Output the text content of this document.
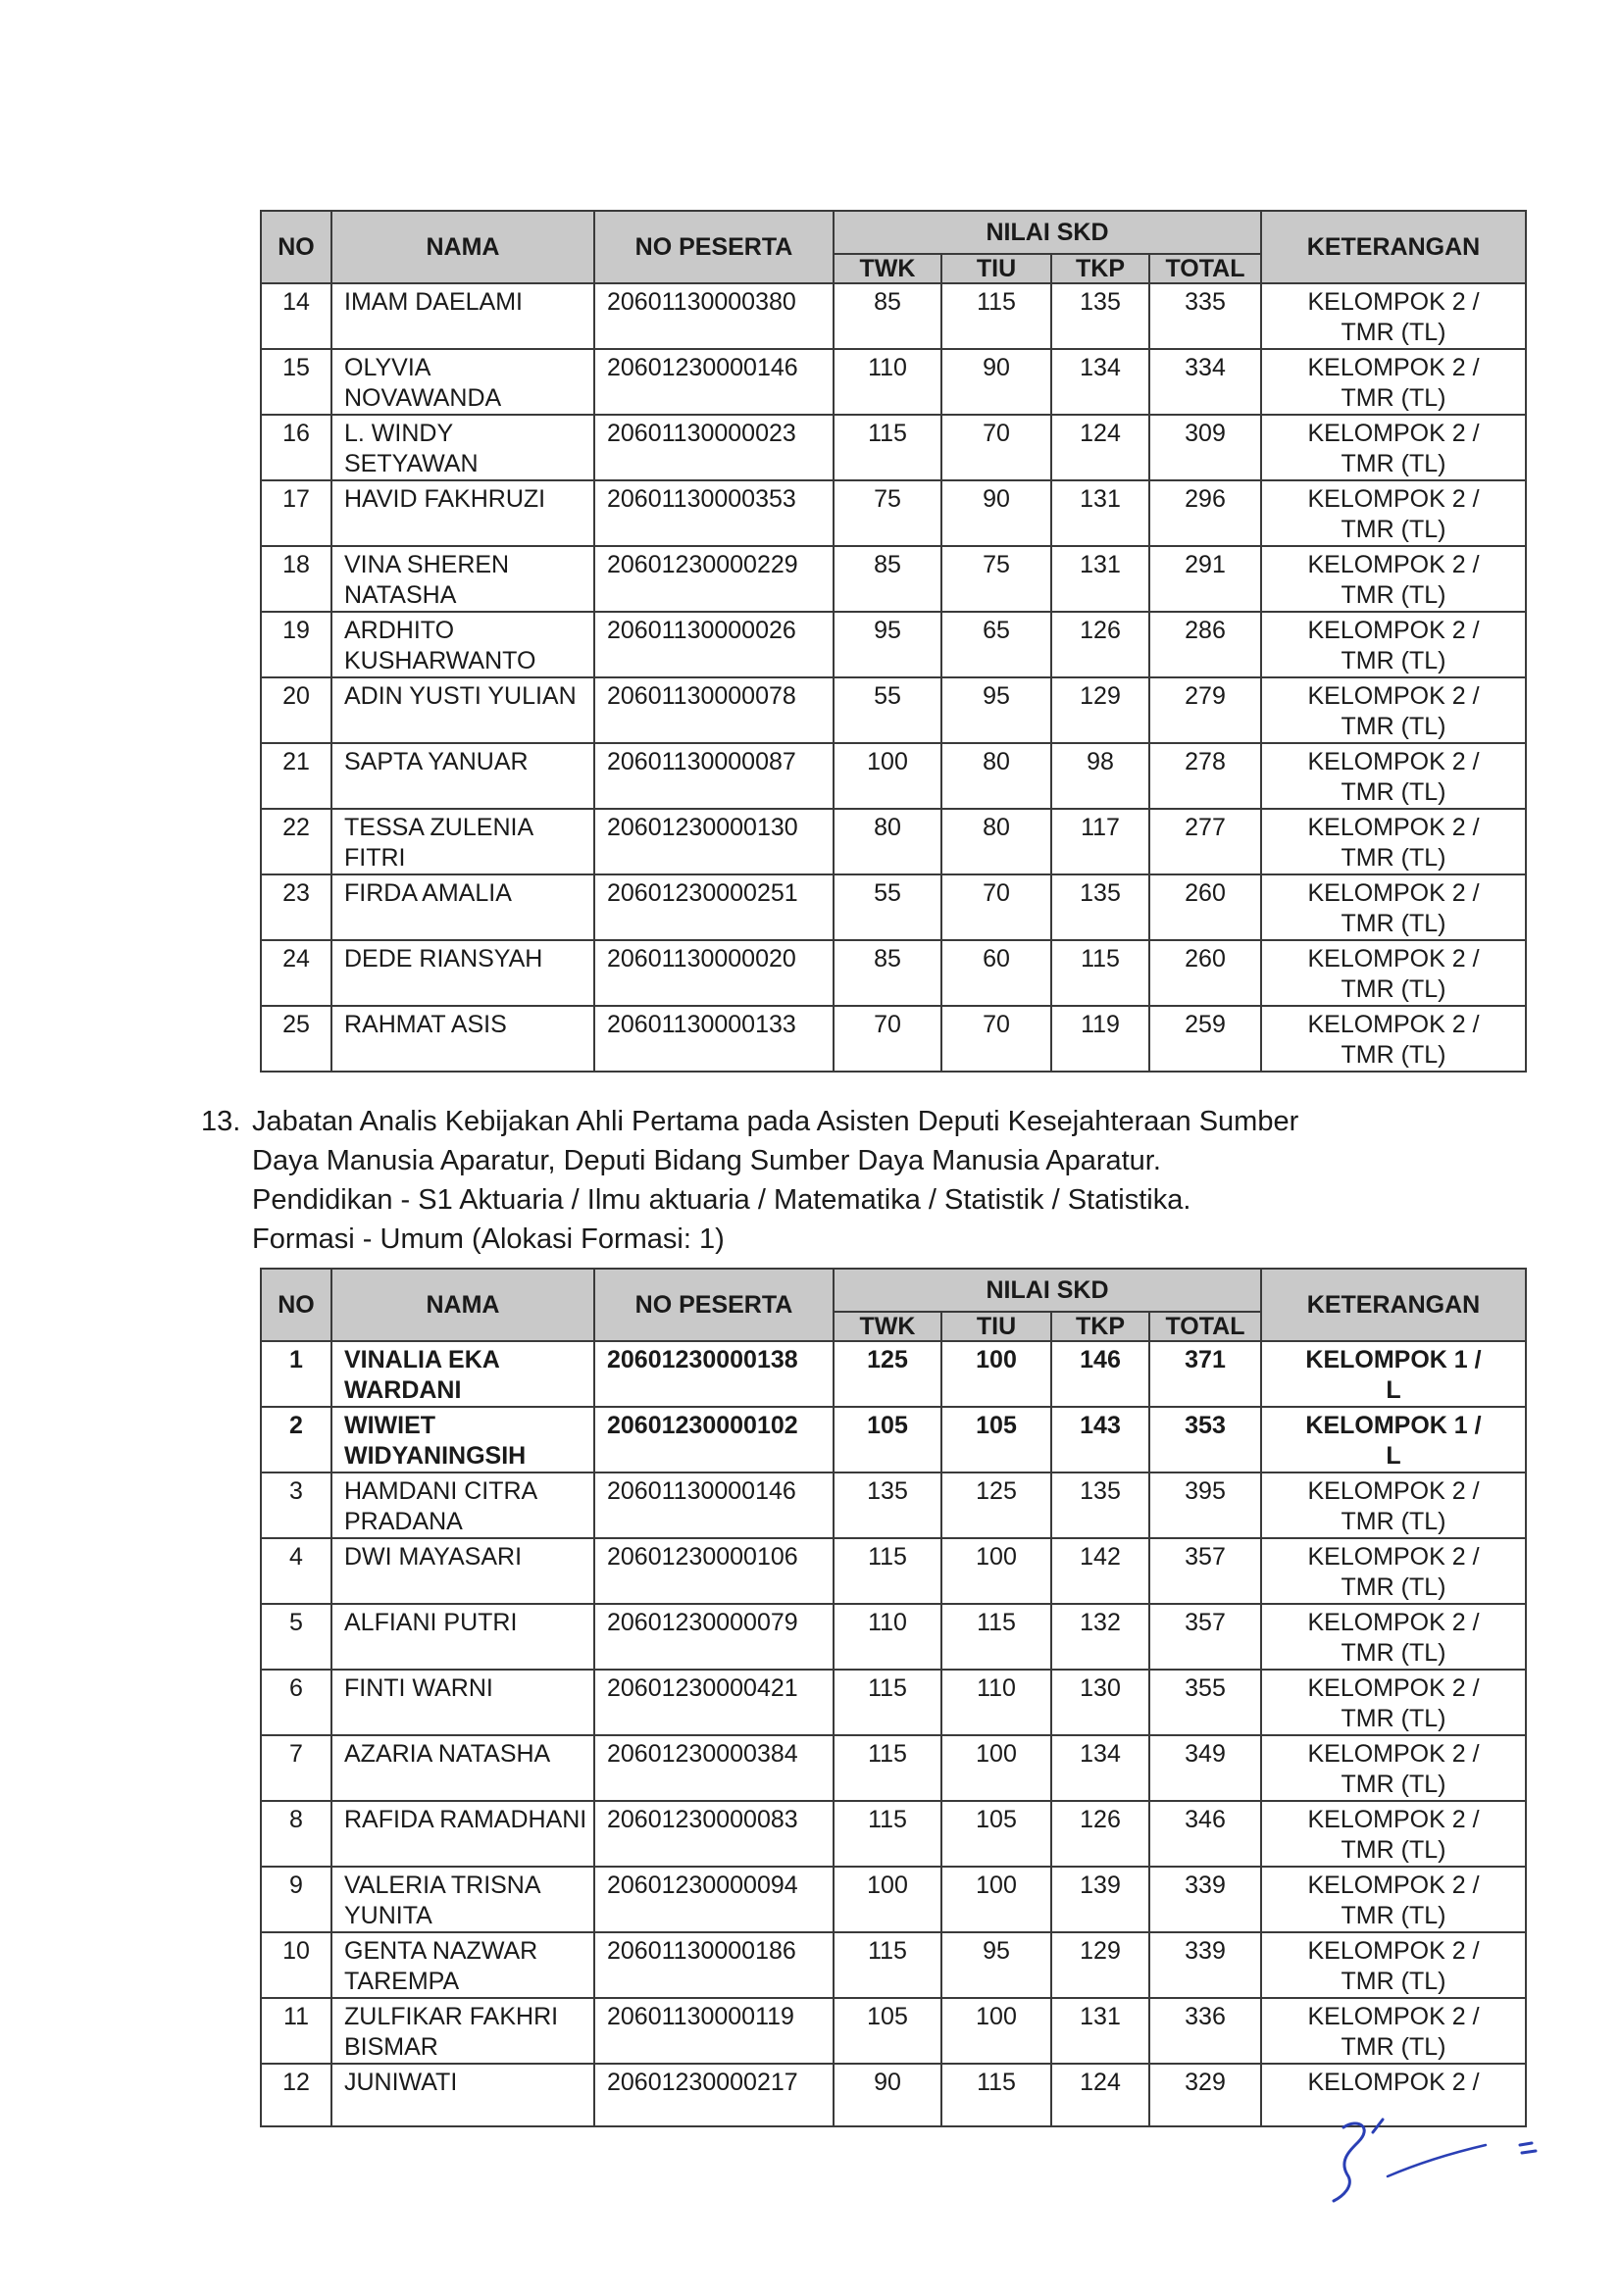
NO	NAMA	NO PESERTA	NILAI SKD				KETERANGAN
			TWK	TIU	TKP	TOTAL	
14	IMAM DAELAMI	20601130000380	85	115	135	335	KELOMPOK 2 /
TMR (TL)

15	OLYVIA NOVAWANDA	20601230000146	110	90	134	334	KELOMPOK 2 /
TMR (TL)

16	L. WINDY SETYAWAN	20601130000023	115	70	124	309	KELOMPOK 2 /
TMR (TL)

17	HAVID FAKHRUZI	20601130000353	75	90	131	296	KELOMPOK 2 /
TMR (TL)

18	VINA SHEREN NATASHA	20601230000229	85	75	131	291	KELOMPOK 2 /
TMR (TL)

19	ARDHITO KUSHARWANTO	20601130000026	95	65	126	286	KELOMPOK 2 /
TMR (TL)

20	ADIN YUSTI YULIAN	20601130000078	55	95	129	279	KELOMPOK 2 /
TMR (TL)

21	SAPTA YANUAR	20601130000087	100	80	98	278	KELOMPOK 2 /
TMR (TL)

22	TESSA ZULENIA FITRI	20601230000130	80	80	117	277	KELOMPOK 2 /
TMR (TL)

23	FIRDA AMALIA	20601230000251	55	70	135	260	KELOMPOK 2 /
TMR (TL)

24	DEDE RIANSYAH	20601130000020	85	60	115	260	KELOMPOK 2 /
TMR (TL)

25	RAHMAT ASIS	20601130000133	70	70	119	259	KELOMPOK 2 /
TMR (TL)
13. Jabatan Analis Kebijakan Ahli Pertama pada Asisten Deputi Kesejahteraan Sumber
Daya Manusia Aparatur, Deputi Bidang Sumber Daya Manusia Aparatur.
Pendidikan - S1 Aktuaria / Ilmu aktuaria / Matematika / Statistik / Statistika.
Formasi - Umum (Alokasi Formasi: 1)
NO	NAMA	NO PESERTA	NILAI SKD				KETERANGAN
			TWK	TIU	TKP	TOTAL	
1	VINALIA EKA WARDANI	20601230000138	125	100	146	371	KELOMPOK 1 /
L

2	WIWIET WIDYANINGSIH	20601230000102	105	105	143	353	KELOMPOK 1 /
L

3	HAMDANI CITRA PRADANA	20601130000146	135	125	135	395	KELOMPOK 2 /
TMR (TL)

4	DWI MAYASARI	20601230000106	115	100	142	357	KELOMPOK 2 /
TMR (TL)

5	ALFIANI PUTRI	20601230000079	110	115	132	357	KELOMPOK 2 /
TMR (TL)

6	FINTI WARNI	20601230000421	115	110	130	355	KELOMPOK 2 /
TMR (TL)

7	AZARIA NATASHA	20601230000384	115	100	134	349	KELOMPOK 2 /
TMR (TL)

8	RAFIDA RAMADHANI	20601230000083	115	105	126	346	KELOMPOK 2 /
TMR (TL)

9	VALERIA TRISNA YUNITA	20601230000094	100	100	139	339	KELOMPOK 2 /
TMR (TL)

10	GENTA NAZWAR TAREMPA	20601130000186	115	95	129	339	KELOMPOK 2 /
TMR (TL)

11	ZULFIKAR FAKHRI BISMAR	20601130000119	105	100	131	336	KELOMPOK 2 /
TMR (TL)

12	JUNIWATI	20601230000217	90	115	124	329	KELOMPOK 2 /
